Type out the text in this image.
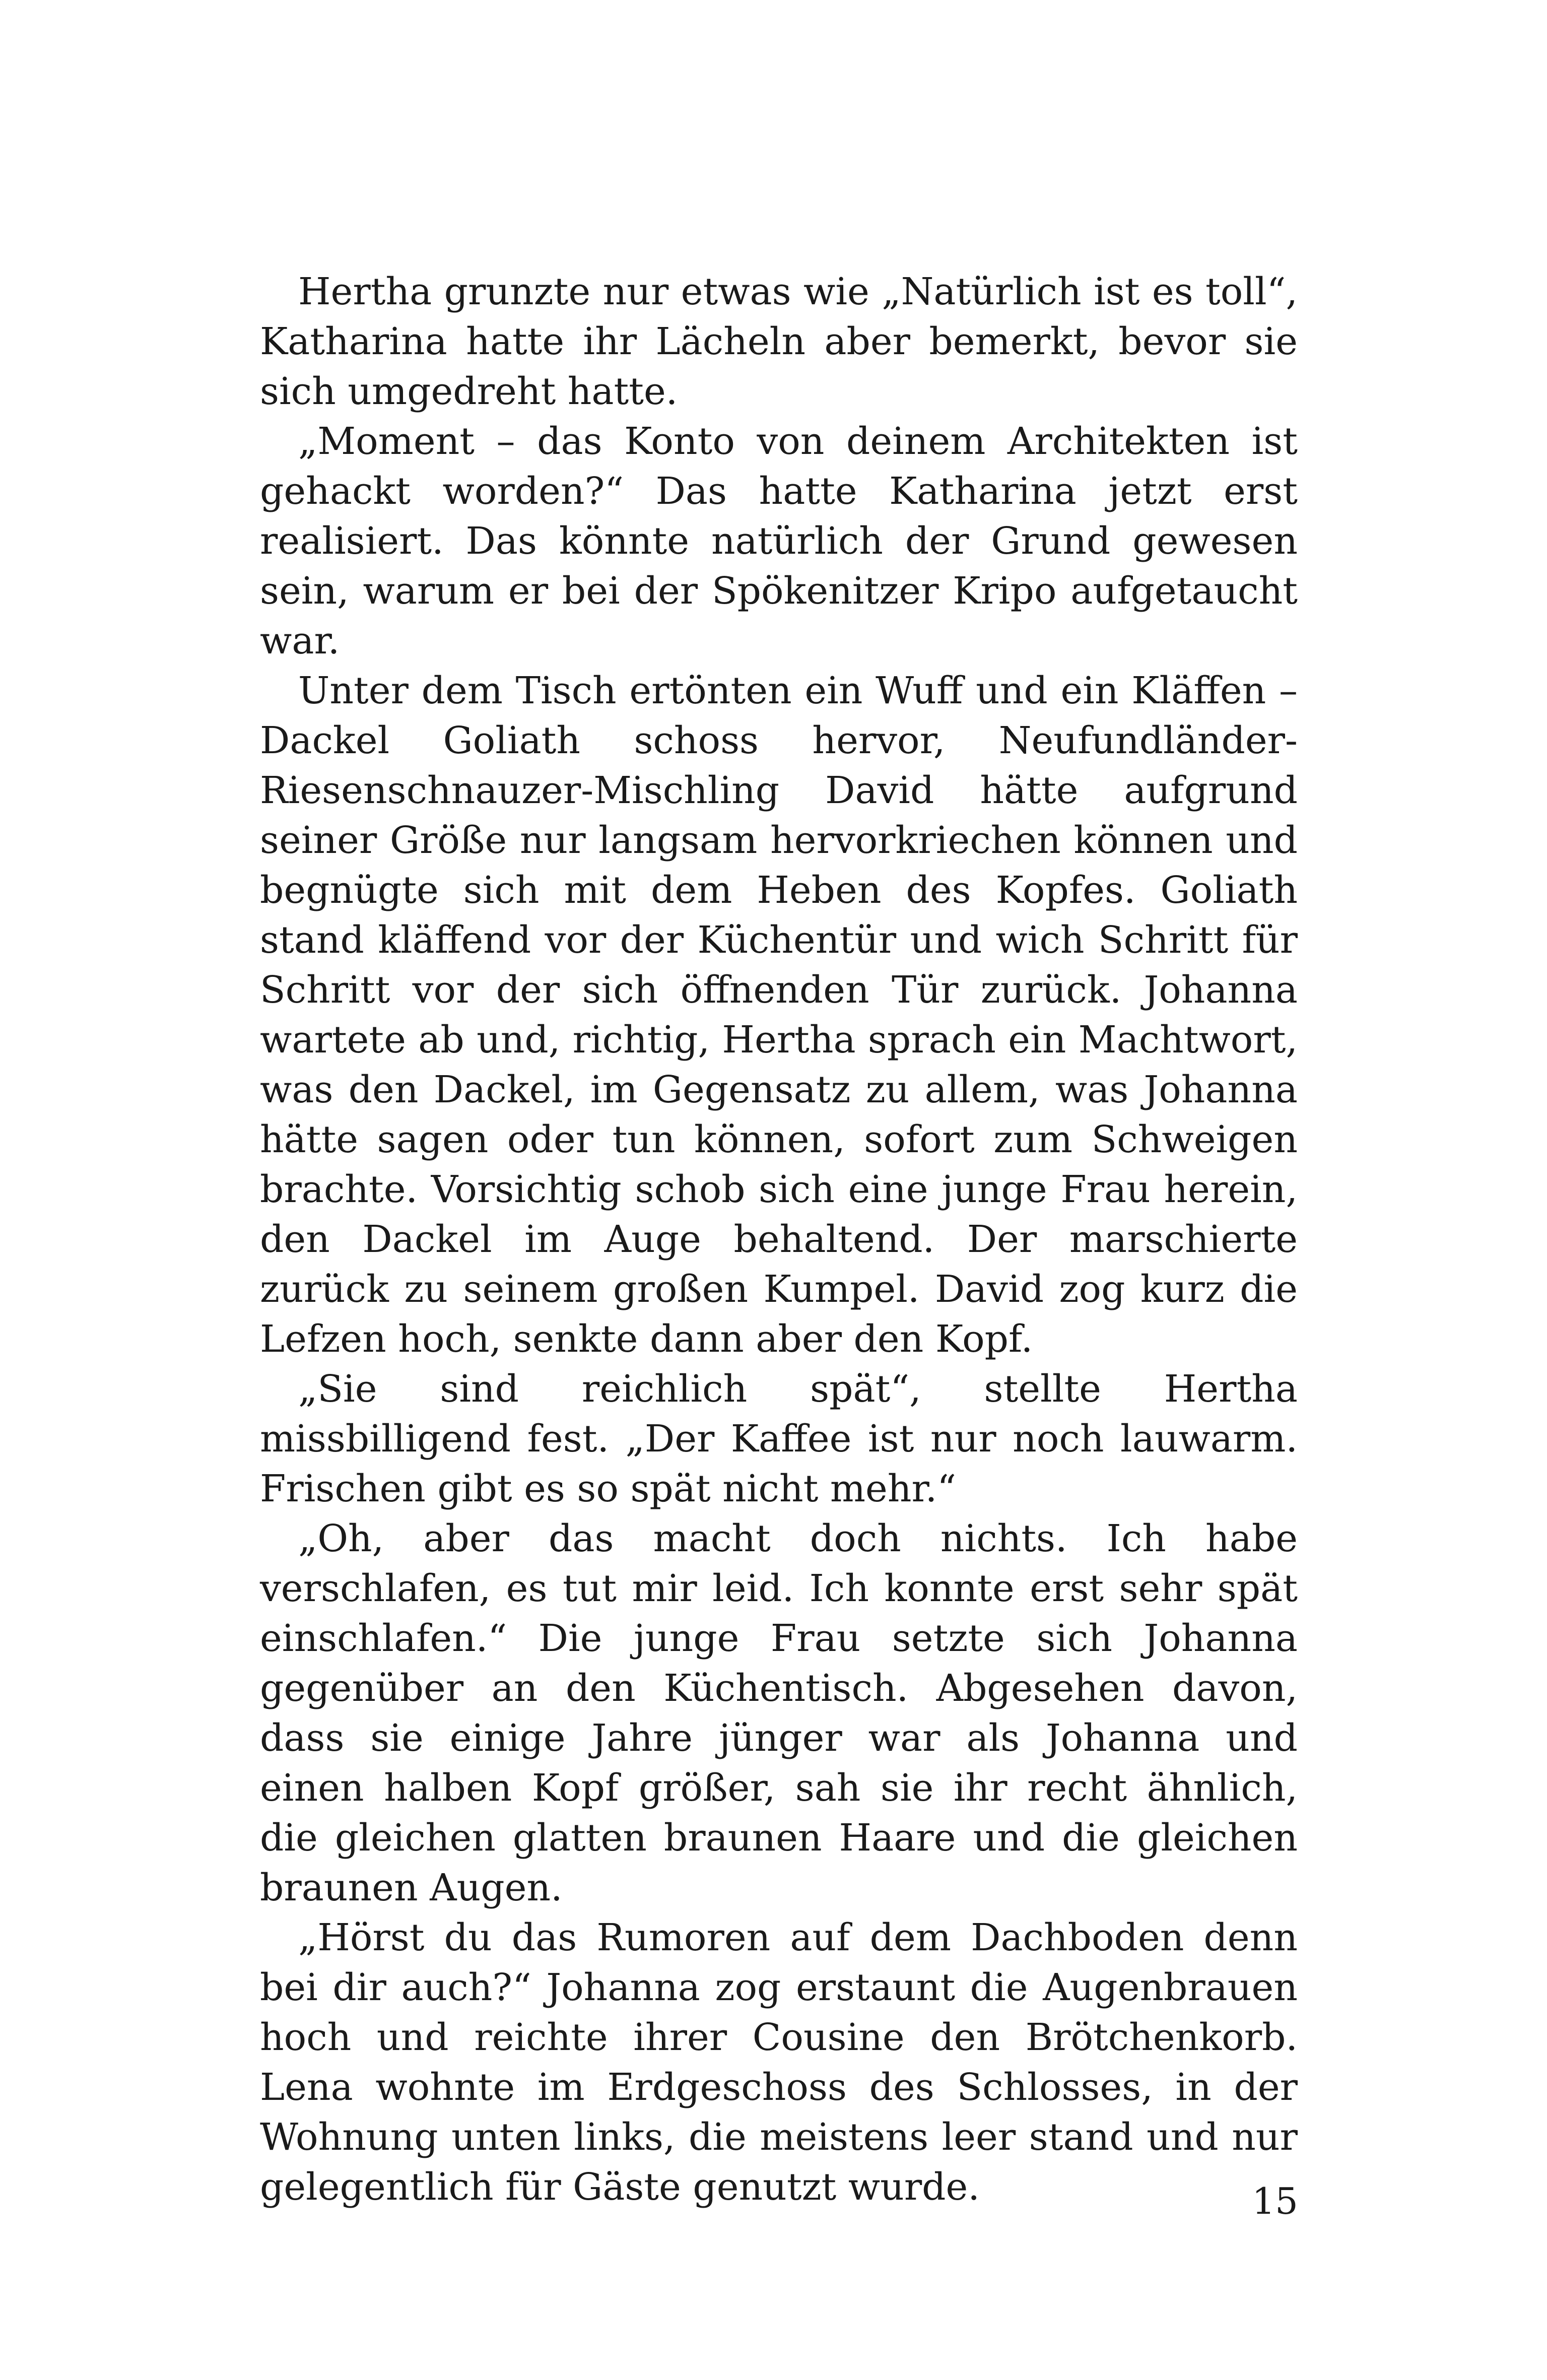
Hertha grunzte nur etwas wie „Natürlich ist es toll“, Katharina hatte ihr Lächeln aber bemerkt, bevor sie sich umgedreht hatte.

„Moment – das Konto von deinem Architekten ist gehackt worden?“ Das hatte Katharina jetzt erst realisiert. Das könnte natürlich der Grund gewesen sein, warum er bei der Spökenitzer Kripo aufgetaucht war.

Unter dem Tisch ertönten ein Wuff und ein Kläffen – Dackel Goliath schoss hervor, Neufundländer-Riesenschnauzer-Mischling David hätte aufgrund seiner Größe nur langsam hervorkriechen können und begnügte sich mit dem Heben des Kopfes. Goliath stand kläffend vor der Küchentür und wich Schritt für Schritt vor der sich öffnenden Tür zurück. Johanna wartete ab und, richtig, Hertha sprach ein Machtwort, was den Dackel, im Gegensatz zu allem, was Johanna hätte sagen oder tun können, sofort zum Schweigen brachte. Vorsichtig schob sich eine junge Frau herein, den Dackel im Auge behaltend. Der marschierte zurück zu seinem großen Kumpel. David zog kurz die Lefzen hoch, senkte dann aber den Kopf.

„Sie sind reichlich spät“, stellte Hertha missbilligend fest. „Der Kaffee ist nur noch lauwarm. Frischen gibt es so spät nicht mehr.“

„Oh, aber das macht doch nichts. Ich habe verschlafen, es tut mir leid. Ich konnte erst sehr spät einschlafen.“ Die junge Frau setzte sich Johanna gegenüber an den Küchentisch. Abgesehen davon, dass sie einige Jahre jünger war als Johanna und einen halben Kopf größer, sah sie ihr recht ähnlich, die gleichen glatten braunen Haare und die gleichen braunen Augen.

„Hörst du das Rumoren auf dem Dachboden denn bei dir auch?“ Johanna zog erstaunt die Augenbrauen hoch und reichte ihrer Cousine den Brötchenkorb. Lena wohnte im Erdgeschoss des Schlosses, in der Wohnung unten links, die meistens leer stand und nur gelegentlich für Gäste genutzt wurde.	15
